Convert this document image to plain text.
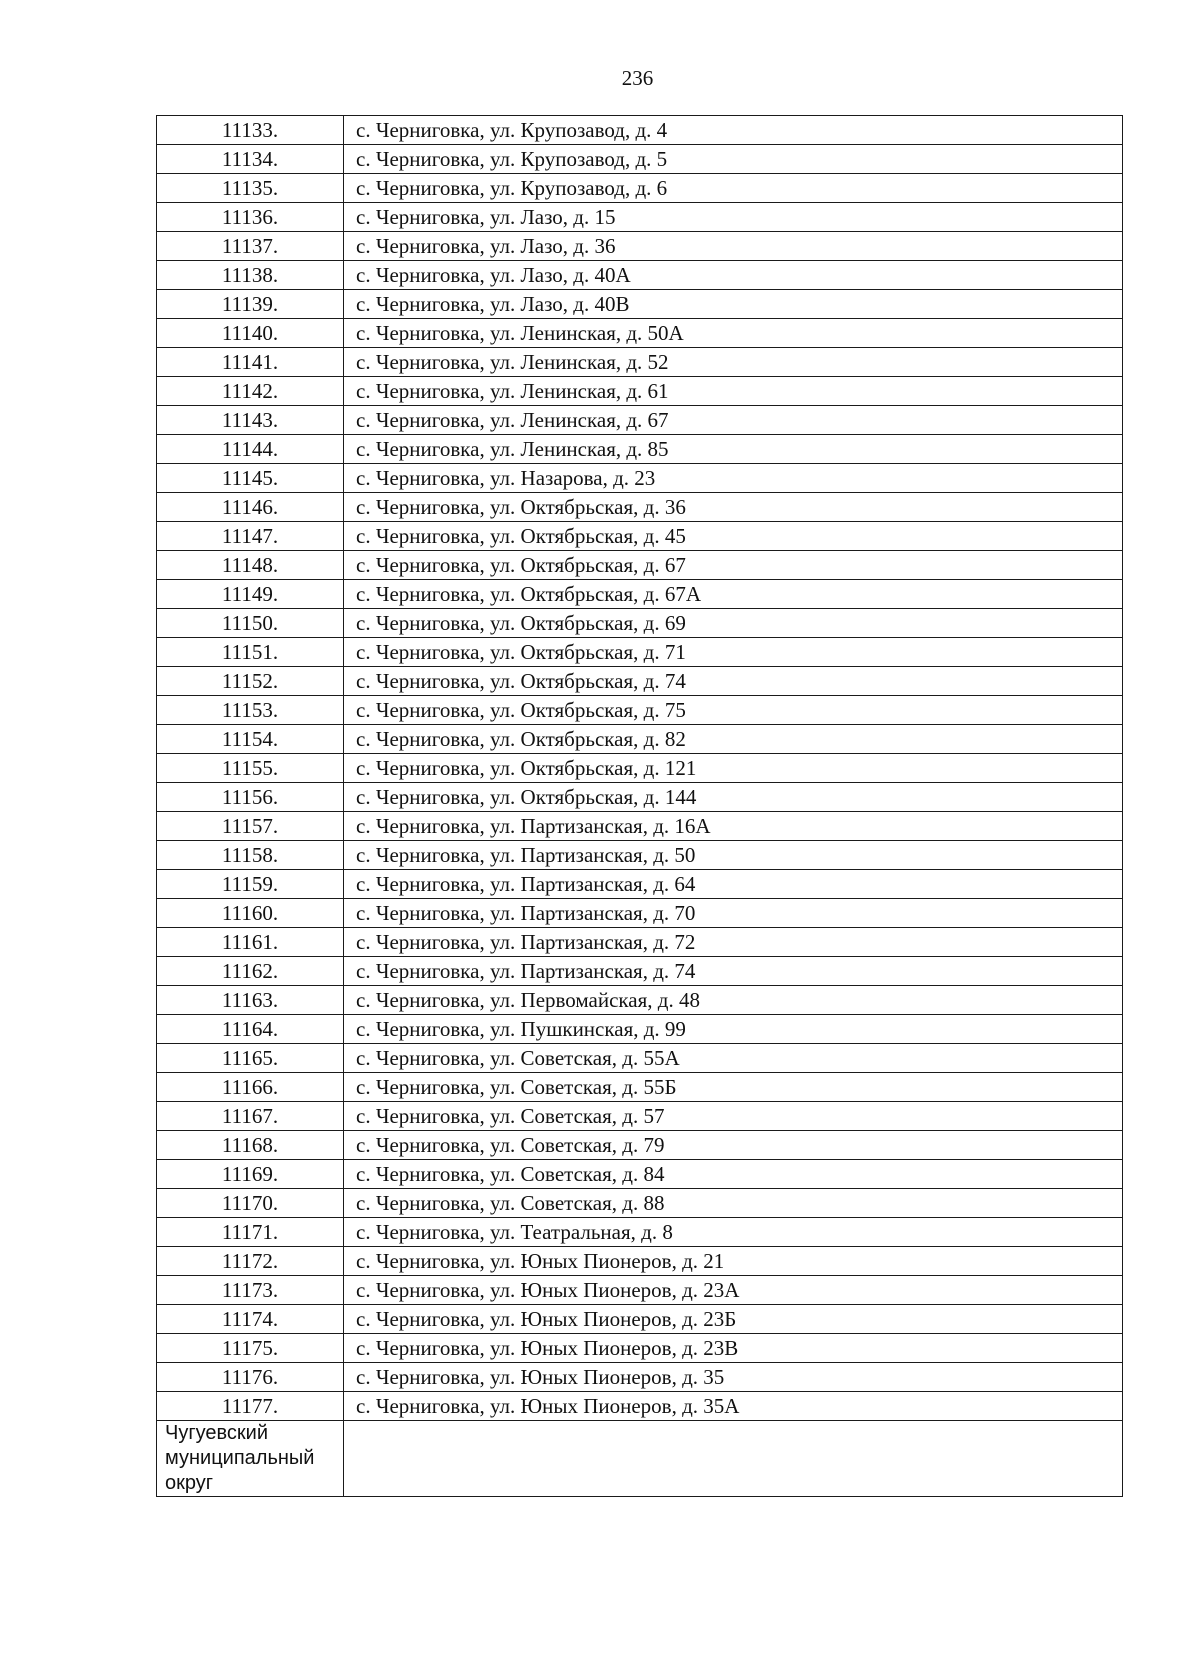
236
11133.	с. Черниговка, ул. Крупозавод, д. 4
11134.	с. Черниговка, ул. Крупозавод, д. 5
11135.	с. Черниговка, ул. Крупозавод, д. 6
11136.	с. Черниговка, ул. Лазо, д. 15
11137.	с. Черниговка, ул. Лазо, д. 36
11138.	с. Черниговка, ул. Лазо, д. 40А
11139.	с. Черниговка, ул. Лазо, д. 40В
11140.	с. Черниговка, ул. Ленинская, д. 50А
11141.	с. Черниговка, ул. Ленинская, д. 52
11142.	с. Черниговка, ул. Ленинская, д. 61
11143.	с. Черниговка, ул. Ленинская, д. 67
11144.	с. Черниговка, ул. Ленинская, д. 85
11145.	с. Черниговка, ул. Назарова, д. 23
11146.	с. Черниговка, ул. Октябрьская, д. 36
11147.	с. Черниговка, ул. Октябрьская, д. 45
11148.	с. Черниговка, ул. Октябрьская, д. 67
11149.	с. Черниговка, ул. Октябрьская, д. 67А
11150.	с. Черниговка, ул. Октябрьская, д. 69
11151.	с. Черниговка, ул. Октябрьская, д. 71
11152.	с. Черниговка, ул. Октябрьская, д. 74
11153.	с. Черниговка, ул. Октябрьская, д. 75
11154.	с. Черниговка, ул. Октябрьская, д. 82
11155.	с. Черниговка, ул. Октябрьская, д. 121
11156.	с. Черниговка, ул. Октябрьская, д. 144
11157.	с. Черниговка, ул. Партизанская, д. 16А
11158.	с. Черниговка, ул. Партизанская, д. 50
11159.	с. Черниговка, ул. Партизанская, д. 64
11160.	с. Черниговка, ул. Партизанская, д. 70
11161.	с. Черниговка, ул. Партизанская, д. 72
11162.	с. Черниговка, ул. Партизанская, д. 74
11163.	с. Черниговка, ул. Первомайская, д. 48
11164.	с. Черниговка, ул. Пушкинская, д. 99
11165.	с. Черниговка, ул. Советская, д. 55А
11166.	с. Черниговка, ул. Советская, д. 55Б
11167.	с. Черниговка, ул. Советская, д. 57
11168.	с. Черниговка, ул. Советская, д. 79
11169.	с. Черниговка, ул. Советская, д. 84
11170.	с. Черниговка, ул. Советская, д. 88
11171.	с. Черниговка, ул. Театральная, д. 8
11172.	с. Черниговка, ул. Юных Пионеров, д. 21
11173.	с. Черниговка, ул. Юных Пионеров, д. 23А
11174.	с. Черниговка, ул. Юных Пионеров, д. 23Б
11175.	с. Черниговка, ул. Юных Пионеров, д. 23В
11176.	с. Черниговка, ул. Юных Пионеров, д. 35
11177.	с. Черниговка, ул. Юных Пионеров, д. 35А
Чугуевский муниципальный округ	
